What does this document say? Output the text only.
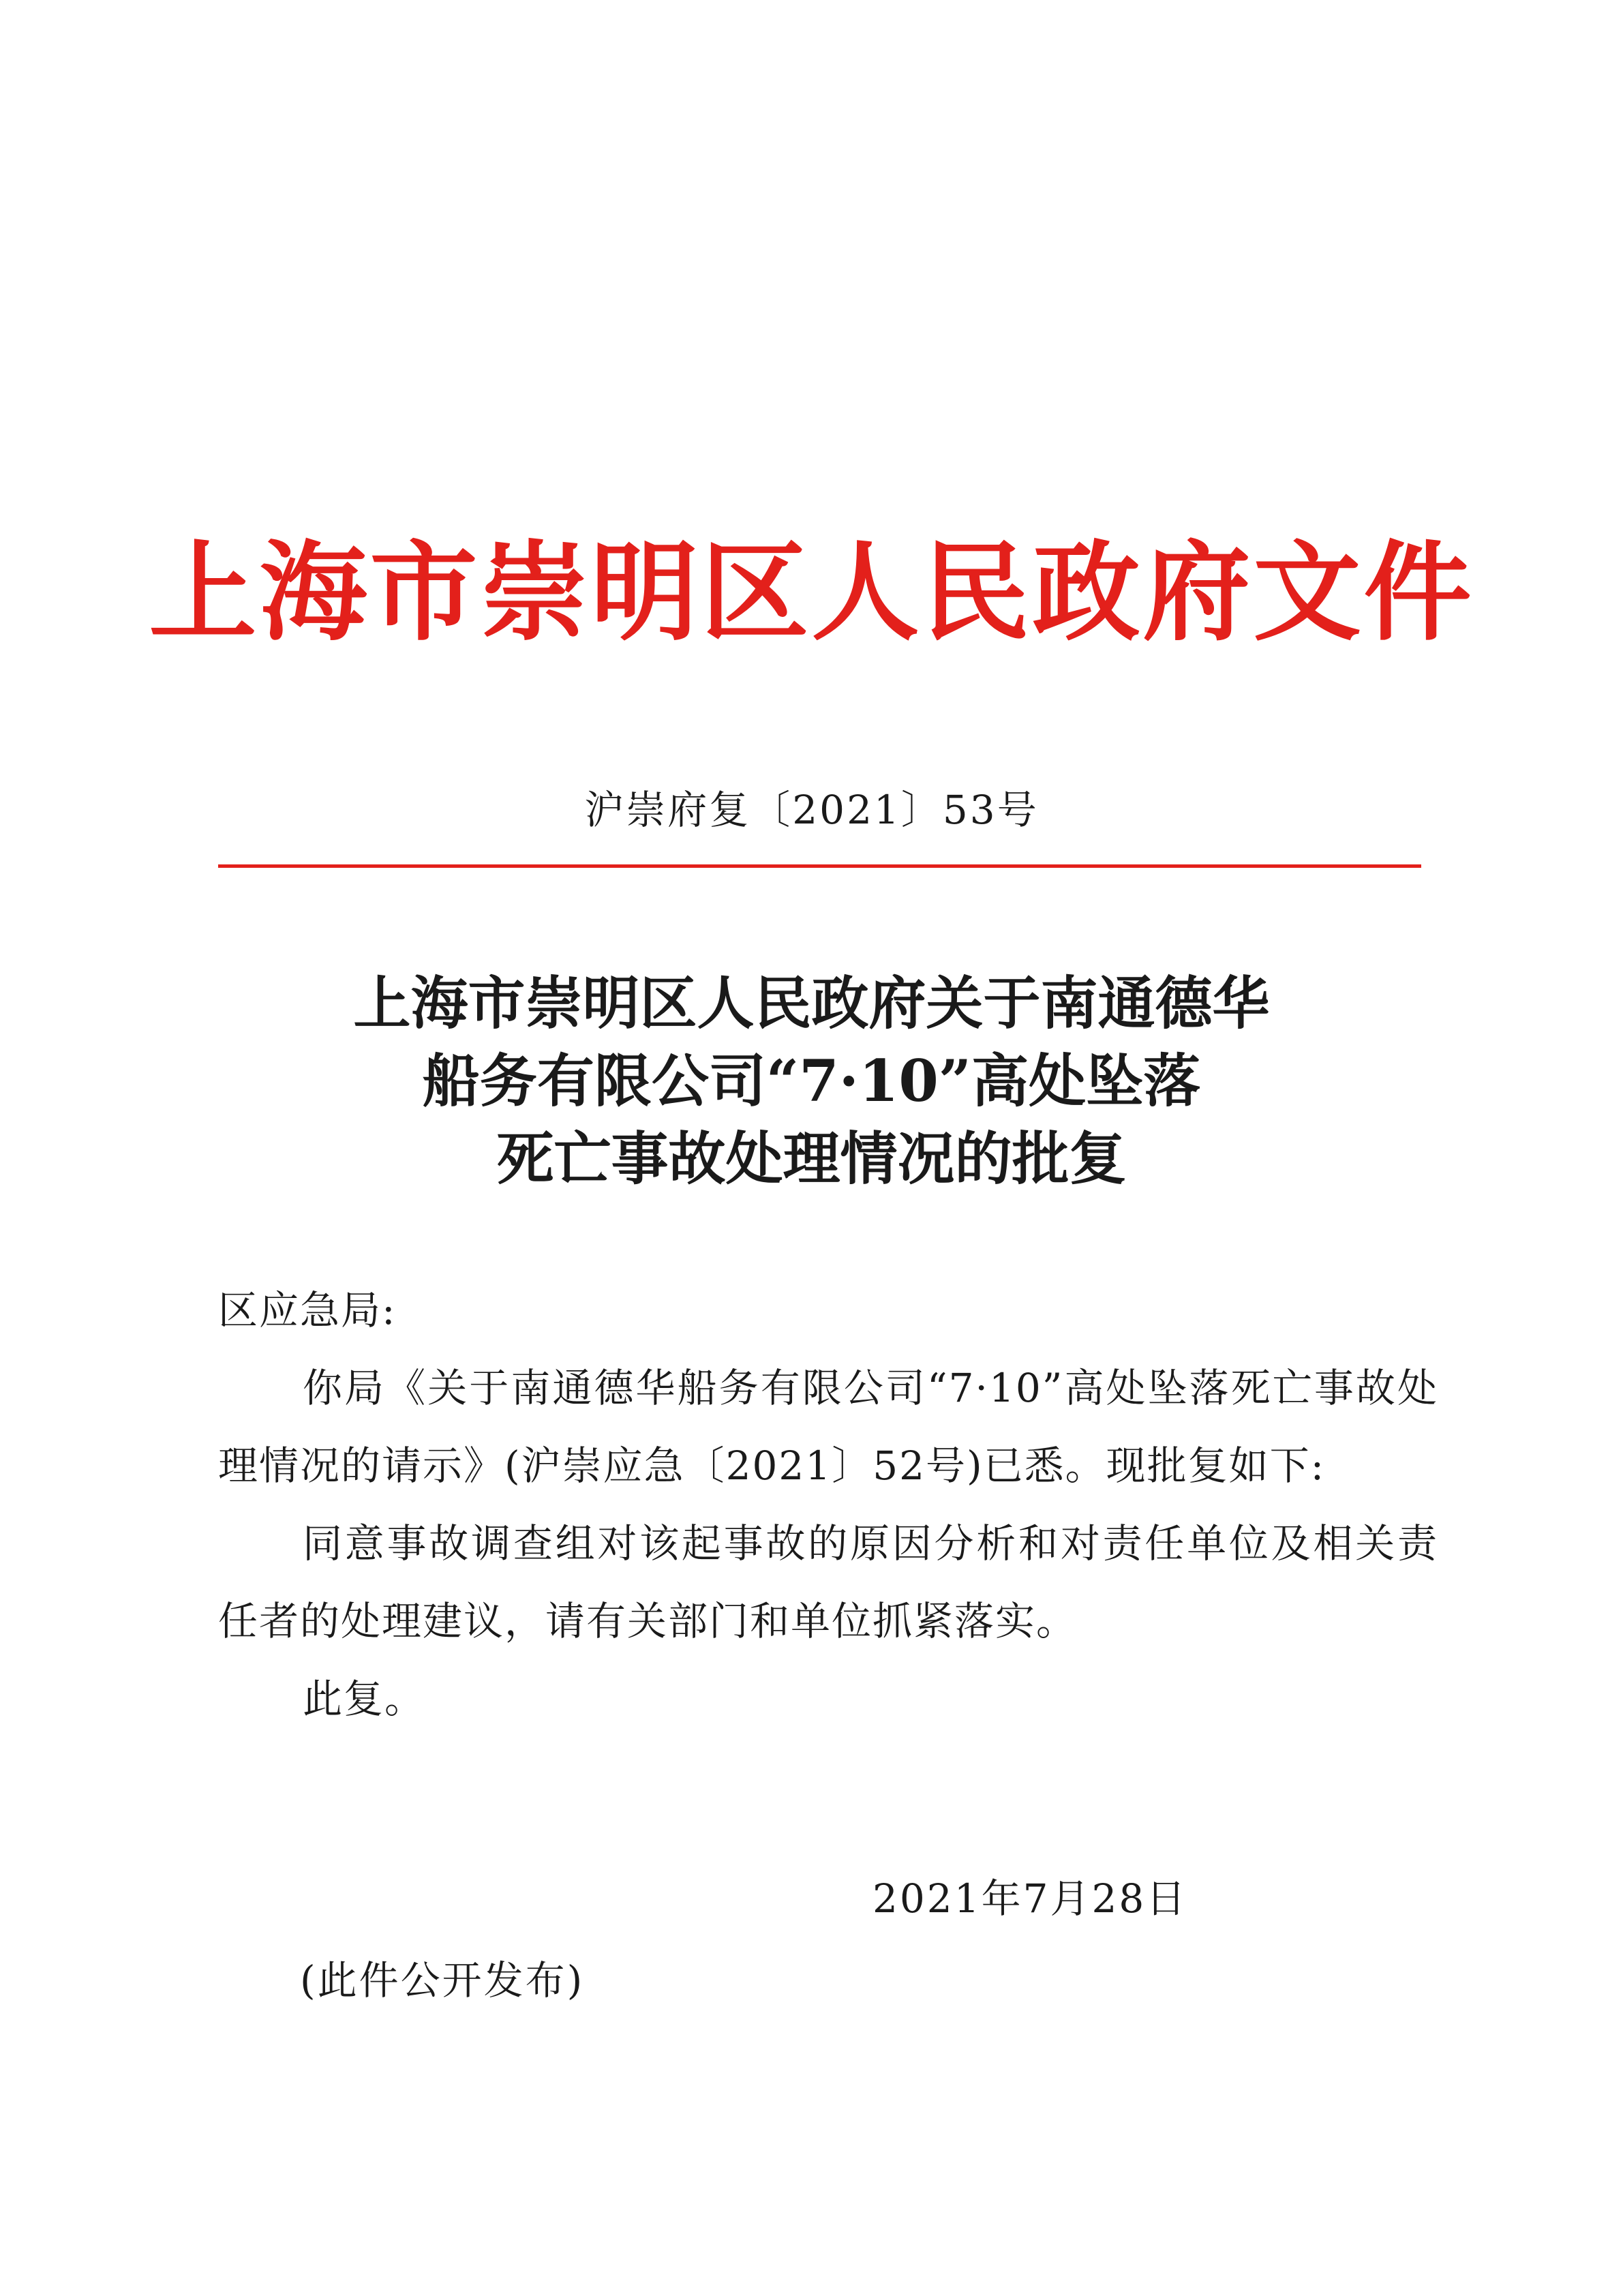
上海市崇明区人民政府文件
沪崇府复〔2021〕53号
上海市崇明区人民政府关于南通德华
船务有限公司“7·10”高处坠落
死亡事故处理情况的批复

区应急局:

你局《关于南通德华船务有限公司“7·10”高处坠落死亡事故处理情况的请示》(沪崇应急〔2021〕52号)已悉。现批复如下:

同意事故调查组对该起事故的原因分析和对责任单位及相关责任者的处理建议，请有关部门和单位抓紧落实。

此复。

2021年7月28日
(此件公开发布)
